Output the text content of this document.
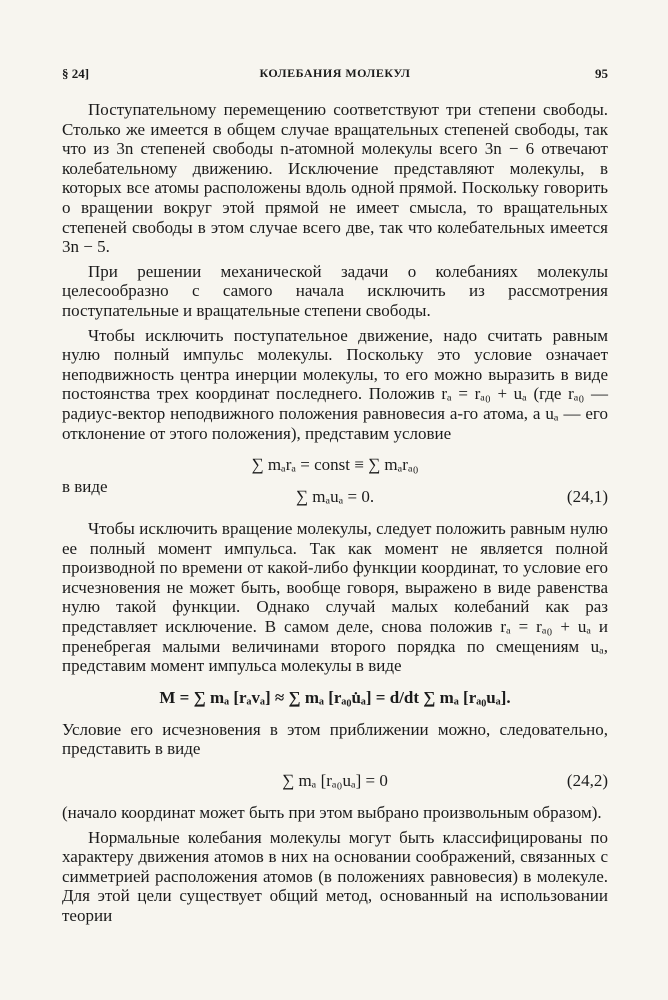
§ 24]	КОЛЕБАНИЯ МОЛЕКУЛ	95

Поступательному перемещению соответствуют три степени свободы. Столько же имеется в общем случае вращательных степеней свободы, так что из 3n степеней свободы n-атомной молекулы всего 3n − 6 отвечают колебательному движению. Исключение представляют молекулы, в которых все атомы расположены вдоль одной прямой. Поскольку говорить о вращении вокруг этой прямой не имеет смысла, то вращательных степеней свободы в этом случае всего две, так что колебательных имеется 3n − 5.

При решении механической задачи о колебаниях молекулы целесообразно с самого начала исключить из рассмотрения поступательные и вращательные степени свободы.

Чтобы исключить поступательное движение, надо считать равным нулю полный импульс молекулы. Поскольку это условие означает неподвижность центра инерции молекулы, то его можно выразить в виде постоянства трех координат последнего. Положив rₐ = rₐ₀ + uₐ (где rₐ₀ — радиус-вектор неподвижного положения равновесия a-го атома, а uₐ — его отклонение от этого положения), представим условие

∑ mₐrₐ = const ≡ ∑ mₐrₐ₀
в виде
∑ mₐuₐ = 0.	(24,1)

Чтобы исключить вращение молекулы, следует положить равным нулю ее полный момент импульса. Так как момент не является полной производной по времени от какой-либо функции координат, то условие его исчезновения не может быть, вообще говоря, выражено в виде равенства нулю такой функции. Однако случай малых колебаний как раз представляет исключение. В самом деле, снова положив rₐ = rₐ₀ + uₐ и пренебрегая малыми величинами второго порядка по смещениям uₐ, представим момент импульса молекулы в виде

M = ∑ mₐ [rₐvₐ] ≈ ∑ mₐ [rₐ₀u̇ₐ] = d/dt ∑ mₐ [rₐ₀uₐ].

Условие его исчезновения в этом приближении можно, следовательно, представить в виде

∑ mₐ [rₐ₀uₐ] = 0	(24,2)

(начало координат может быть при этом выбрано произвольным образом).

Нормальные колебания молекулы могут быть классифицированы по характеру движения атомов в них на основании соображений, связанных с симметрией расположения атомов (в положениях равновесия) в молекуле. Для этой цели существует общий метод, основанный на использовании теории
